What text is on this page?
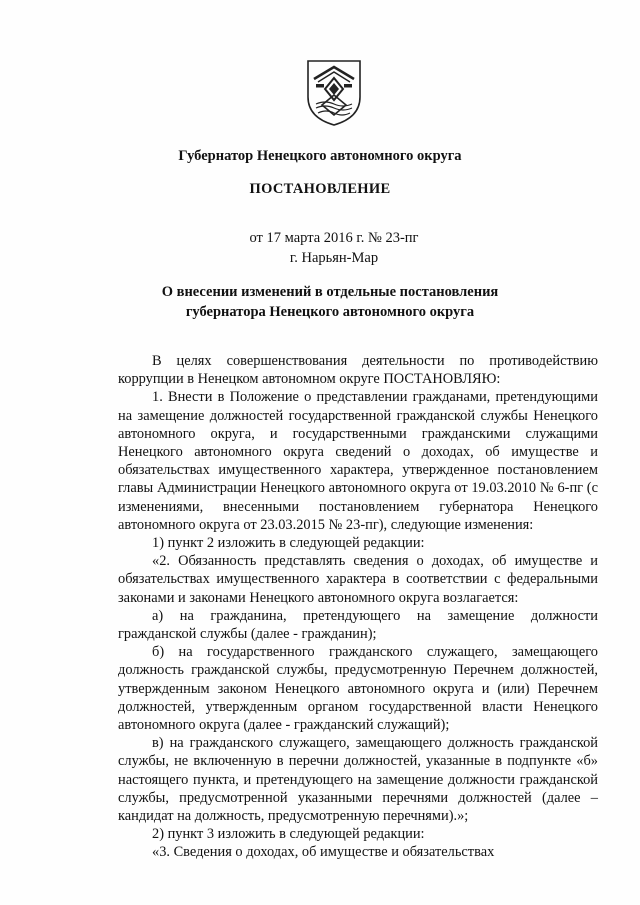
Губернатор Ненецкого автономного округа
ПОСТАНОВЛЕНИЕ
от 17 марта 2016 г. № 23-пг
г. Нарьян-Мар
О внесении изменений в отдельные постановления
губернатора Ненецкого автономного округа

В целях совершенствования деятельности по противодействию коррупции в Ненецком автономном округе ПОСТАНОВЛЯЮ:

1. Внести в Положение о представлении гражданами, претендующими на замещение должностей государственной гражданской службы Ненецкого автономного округа, и государственными гражданскими служащими Ненецкого автономного округа сведений о доходах, об имуществе и обязательствах имущественного характера, утвержденное постановлением главы Администрации Ненецкого автономного округа от 19.03.2010 № 6-пг (с изменениями, внесенными постановлением губернатора Ненецкого автономного округа от 23.03.2015 № 23-пг), следующие изменения:

1) пункт 2 изложить в следующей редакции:

«2. Обязанность представлять сведения о доходах, об имуществе и обязательствах имущественного характера в соответствии с федеральными законами и законами Ненецкого автономного округа возлагается:

а) на гражданина, претендующего на замещение должности гражданской службы (далее - гражданин);

б) на государственного гражданского служащего, замещающего должность гражданской службы, предусмотренную Перечнем должностей, утвержденным законом Ненецкого автономного округа и (или) Перечнем должностей, утвержденным органом государственной власти Ненецкого автономного округа (далее - гражданский служащий);

в) на гражданского служащего, замещающего должность гражданской службы, не включенную в перечни должностей, указанные в подпункте «б» настоящего пункта, и претендующего на замещение должности гражданской службы, предусмотренной указанными перечнями должностей (далее – кандидат на должность, предусмотренную перечнями).»;

2) пункт 3 изложить в следующей редакции:

«3. Сведения о доходах, об имуществе и обязательствах
